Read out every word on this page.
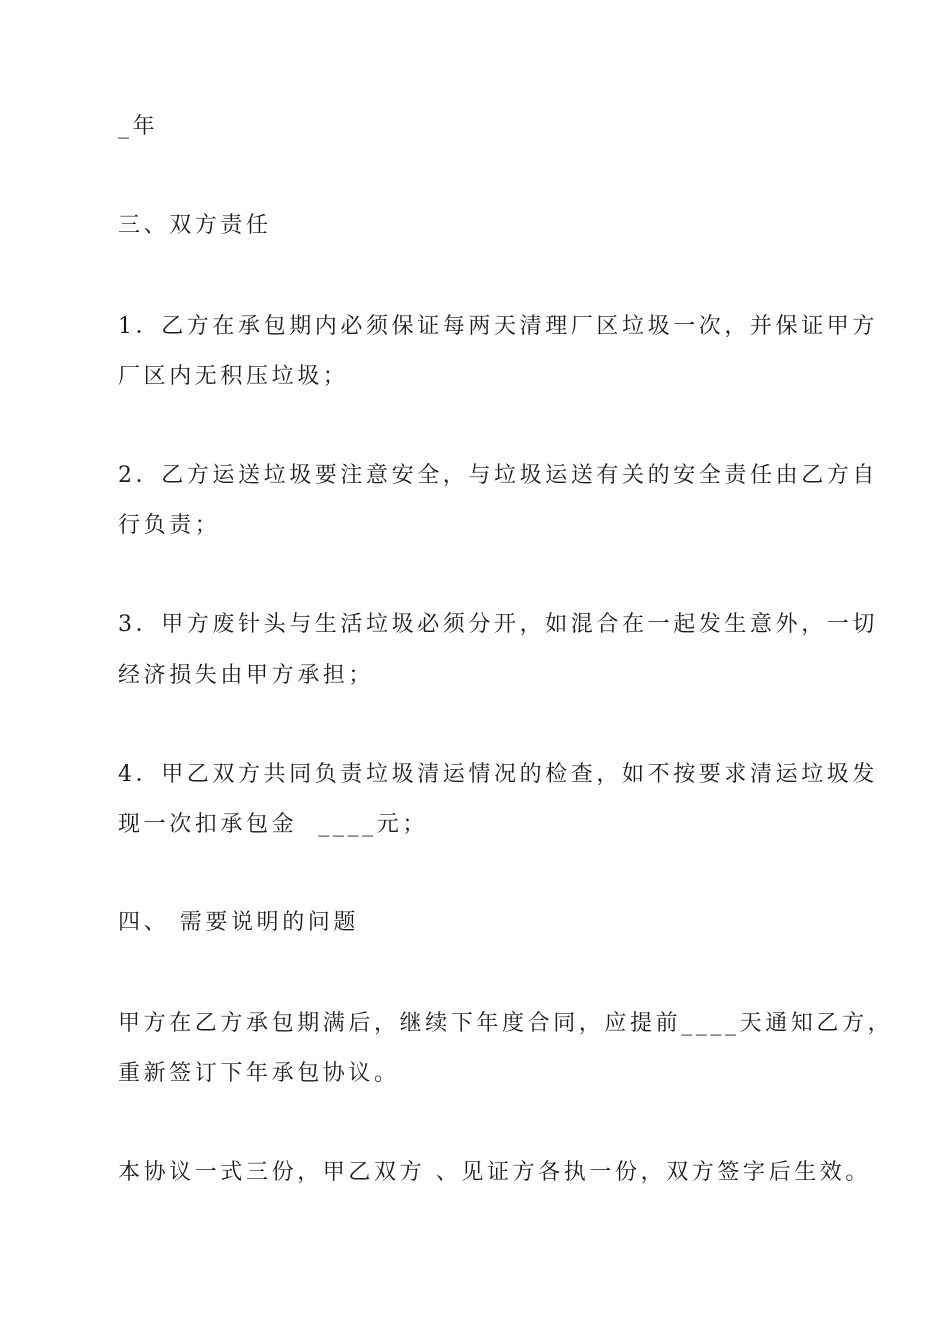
_年
三、双方责任
1．乙方在承包期内必须保证每两天清理厂区垃圾一次，并保证甲方
厂区内无积压垃圾；
2．乙方运送垃圾要注意安全，与垃圾运送有关的安全责任由乙方自
行负责；
3．甲方废针头与生活垃圾必须分开，如混合在一起发生意外，一切
经济损失由甲方承担；
4．甲乙双方共同负责垃圾清运情况的检查，如不按要求清运垃圾发
现一次扣承包金  ____元；
四、 需要说明的问题
甲方在乙方承包期满后，继续下年度合同，应提前____天通知乙方，
重新签订下年承包协议。
本协议一式三份，甲乙双方 、见证方各执一份，双方签字后生效。
